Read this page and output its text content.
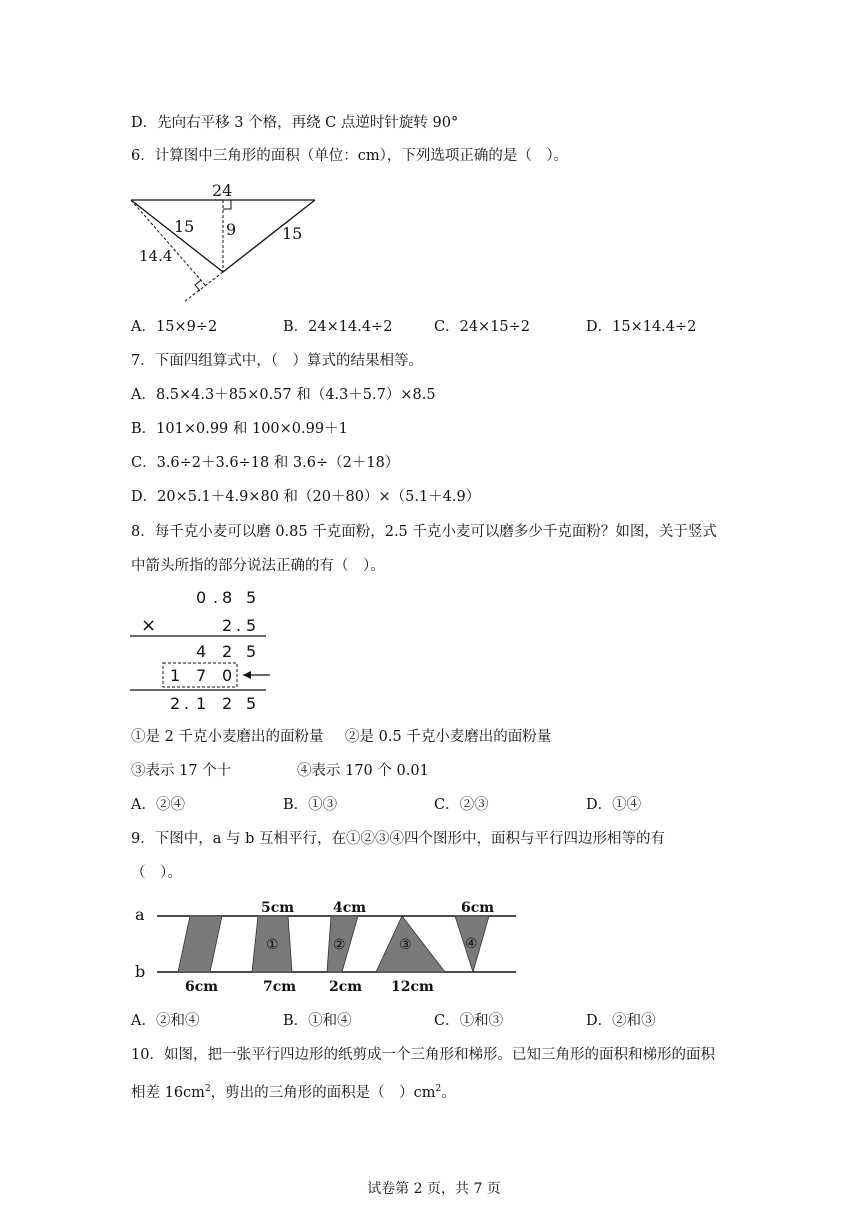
D．先向右平移 3 个格，再绕 C 点逆时针旋转 90°
6．计算图中三角形的面积（单位：cm），下列选项正确的是（　）。
24
15 9	15
14.4
A．15×9÷2	B．24×14.4÷2	C．24×15÷2	D．15×14.4÷2
7．下面四组算式中，（　）算式的结果相等。
A．8.5×4.3＋85×0.57 和（4.3＋5.7）×8.5
B．101×0.99 和 100×0.99＋1
C．3.6÷2＋3.6÷18 和 3.6÷（2＋18）
D．20×5.1＋4.9×80 和（20＋80）×（5.1＋4.9）
8．每千克小麦可以磨 0.85 千克面粉，2.5 千克小麦可以磨多少千克面粉？如图，关于竖式
中箭头所指的部分说法正确的有（　）。
0 . 8 5
×	2 . 5
4 2 5
1 7 0
2 . 1 2 5
①是 2 千克小麦磨出的面粉量 ②是 0.5 千克小麦磨出的面粉量
③表示 17 个十	④表示 170 个 0.01
A．②④	B．①③	C．②③	D．①④
9．下图中，a 与 b 互相平行，在①②③④四个图形中，面积与平行四边形相等的有
（　）。
a
b
①	②	③	④
5cm	4cm	6cm
6cm	7cm 2cm 12cm
A．②和④	B．①和④	C．①和③	D．②和③
10．如图，把一张平行四边形的纸剪成一个三角形和梯形。已知三角形的面积和梯形的面积
相差 $16cm^2$，剪出的三角形的面积是（　）$cm^2$。
试卷第 2 页，共 7 页
